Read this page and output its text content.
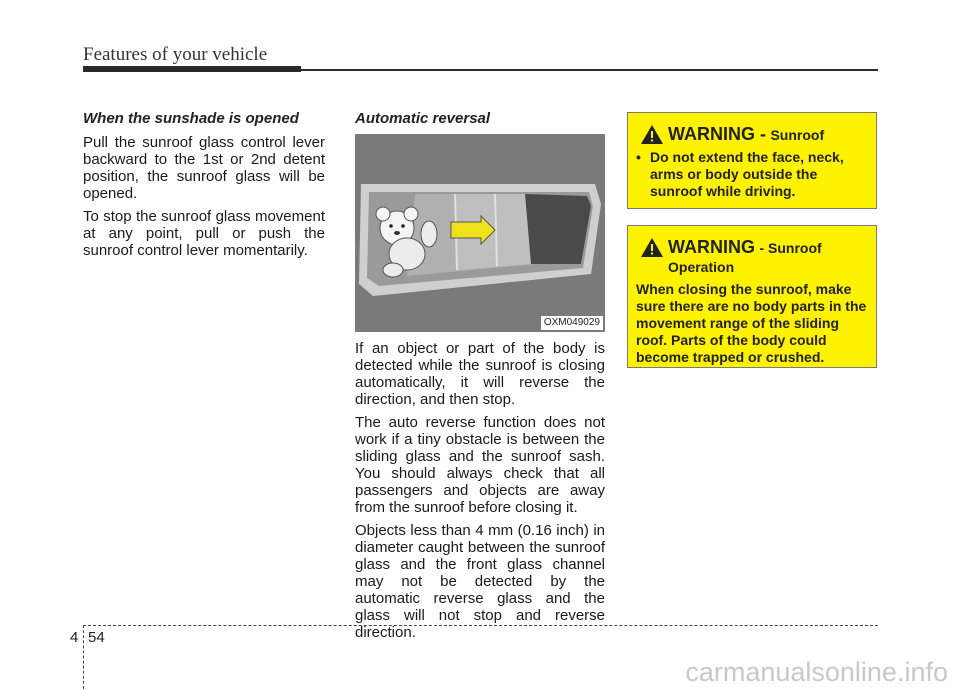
Features of your vehicle
When the sunshade is opened

Pull the sunroof glass control lever backward to the 1st or 2nd detent position, the sunroof glass will be opened.

To stop the sunroof glass movement at any point, pull or push the sunroof control lever momentarily.

Automatic reversal
OXM049029

If an object or part of the body is detected while the sunroof is closing automatically, it will reverse the direction, and then stop.

The auto reverse function does not work if a tiny obstacle is between the sliding glass and the sunroof sash. You should always check that all passengers and objects are away from the sunroof before closing it.

Objects less than 4 mm (0.16 inch) in diameter caught between the sunroof glass and the front glass channel may not be detected by the automatic reverse glass and the glass will not stop and reverse direction.

WARNING - Sunroof
• Do not extend the face, neck, arms or body outside the sunroof while driving.
WARNING - Sunroof Operation
When closing the sunroof, make sure there are no body parts in the movement range of the sliding roof. Parts of the body could become trapped or crushed.
4 54
carmanualsonline.info
